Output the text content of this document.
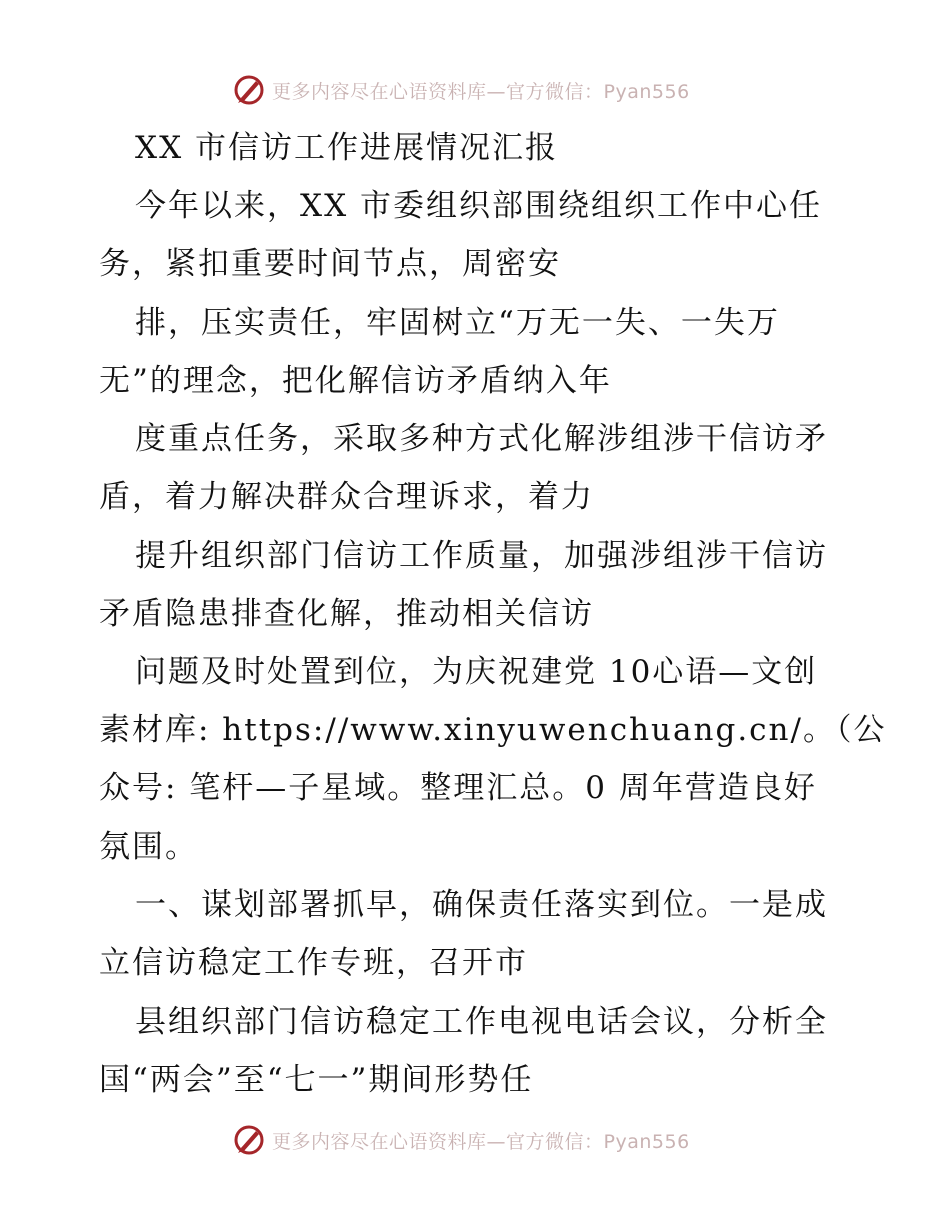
更多内容尽在心语资料库—官方微信：Pyan556
XX 市信访工作进展情况汇报
今年以来，XX 市委组织部围绕组织工作中心任
务，紧扣重要时间节点，周密安
排，压实责任，牢固树立“万无一失、一失万
无”的理念，把化解信访矛盾纳入年
度重点任务，采取多种方式化解涉组涉干信访矛
盾，着力解决群众合理诉求，着力
提升组织部门信访工作质量，加强涉组涉干信访
矛盾隐患排查化解，推动相关信访
问题及时处置到位，为庆祝建党 10心语—文创
素材库: https://www.xinyuwenchuang.cn/。（公
众号: 笔杆—子星域。整理汇总。0 周年营造良好
氛围。
一、谋划部署抓早，确保责任落实到位。一是成
立信访稳定工作专班，召开市
县组织部门信访稳定工作电视电话会议，分析全
国“两会”至“七一”期间形势任
更多内容尽在心语资料库—官方微信：Pyan556
